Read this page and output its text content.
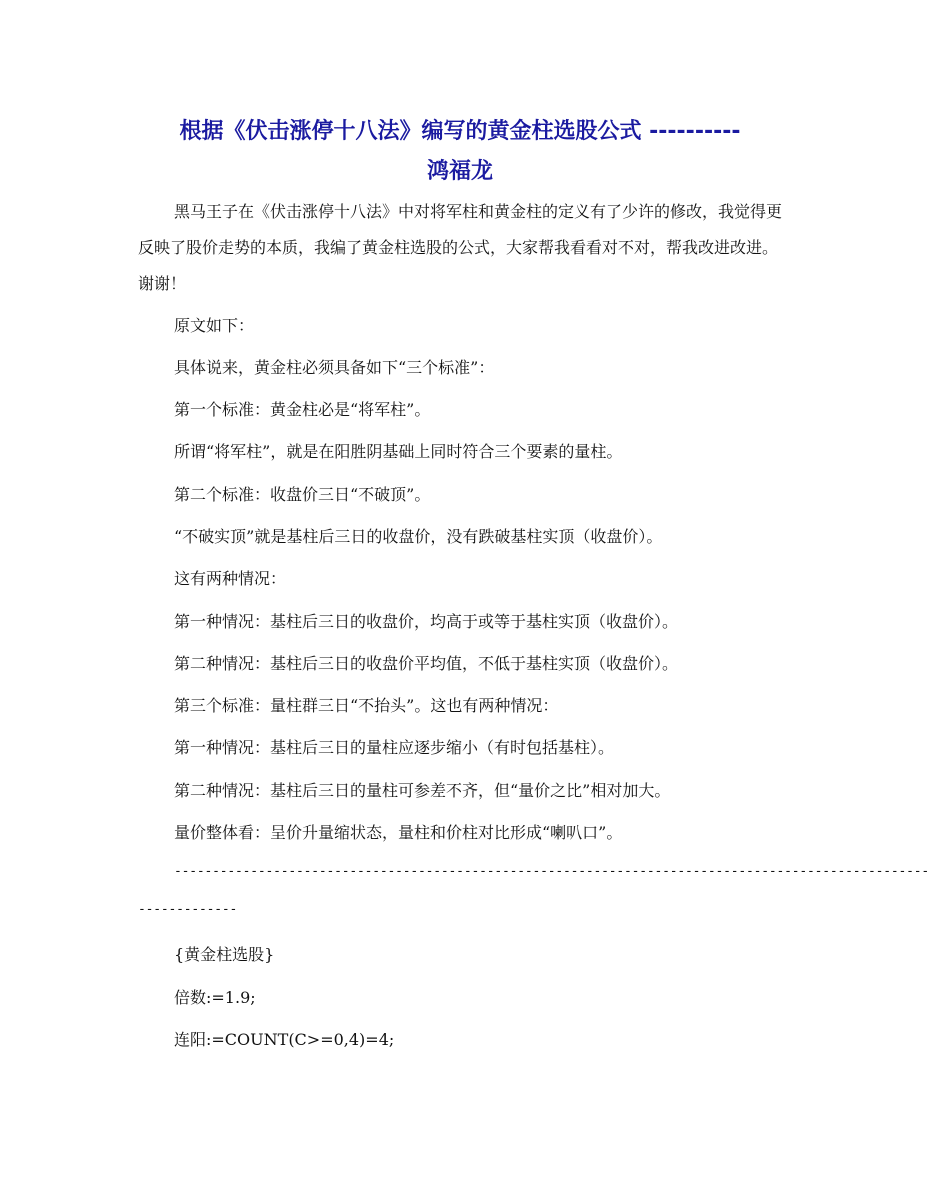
根据《伏击涨停十八法》编写的黄金柱选股公式 ----------
鸿福龙

黑马王子在《伏击涨停十八法》中对将军柱和黄金柱的定义有了少许的修改，我觉得更反映了股价走势的本质，我编了黄金柱选股的公式，大家帮我看看对不对，帮我改进改进。谢谢！

原文如下：

具体说来，黄金柱必须具备如下“三个标准”：

第一个标准：黄金柱必是“将军柱”。

所谓“将军柱”，就是在阳胜阴基础上同时符合三个要素的量柱。

第二个标准：收盘价三日“不破顶”。

“不破实顶”就是基柱后三日的收盘价，没有跌破基柱实顶（收盘价）。

这有两种情况：

第一种情况：基柱后三日的收盘价，均高于或等于基柱实顶（收盘价）。

第二种情况：基柱后三日的收盘价平均值，不低于基柱实顶（收盘价）。

第三个标准：量柱群三日“不抬头”。这也有两种情况：

第一种情况：基柱后三日的量柱应逐步缩小（有时包括基柱）。

第二种情况：基柱后三日的量柱可参差不齐，但“量价之比”相对加大。

量价整体看：呈价升量缩状态，量柱和价柱对比形成“喇叭口”。

---------------------------------------------------------------------------------------------------

-------------

{黄金柱选股}

倍数:=1.9;

连阳:=COUNT(C>=0,4)=4;
